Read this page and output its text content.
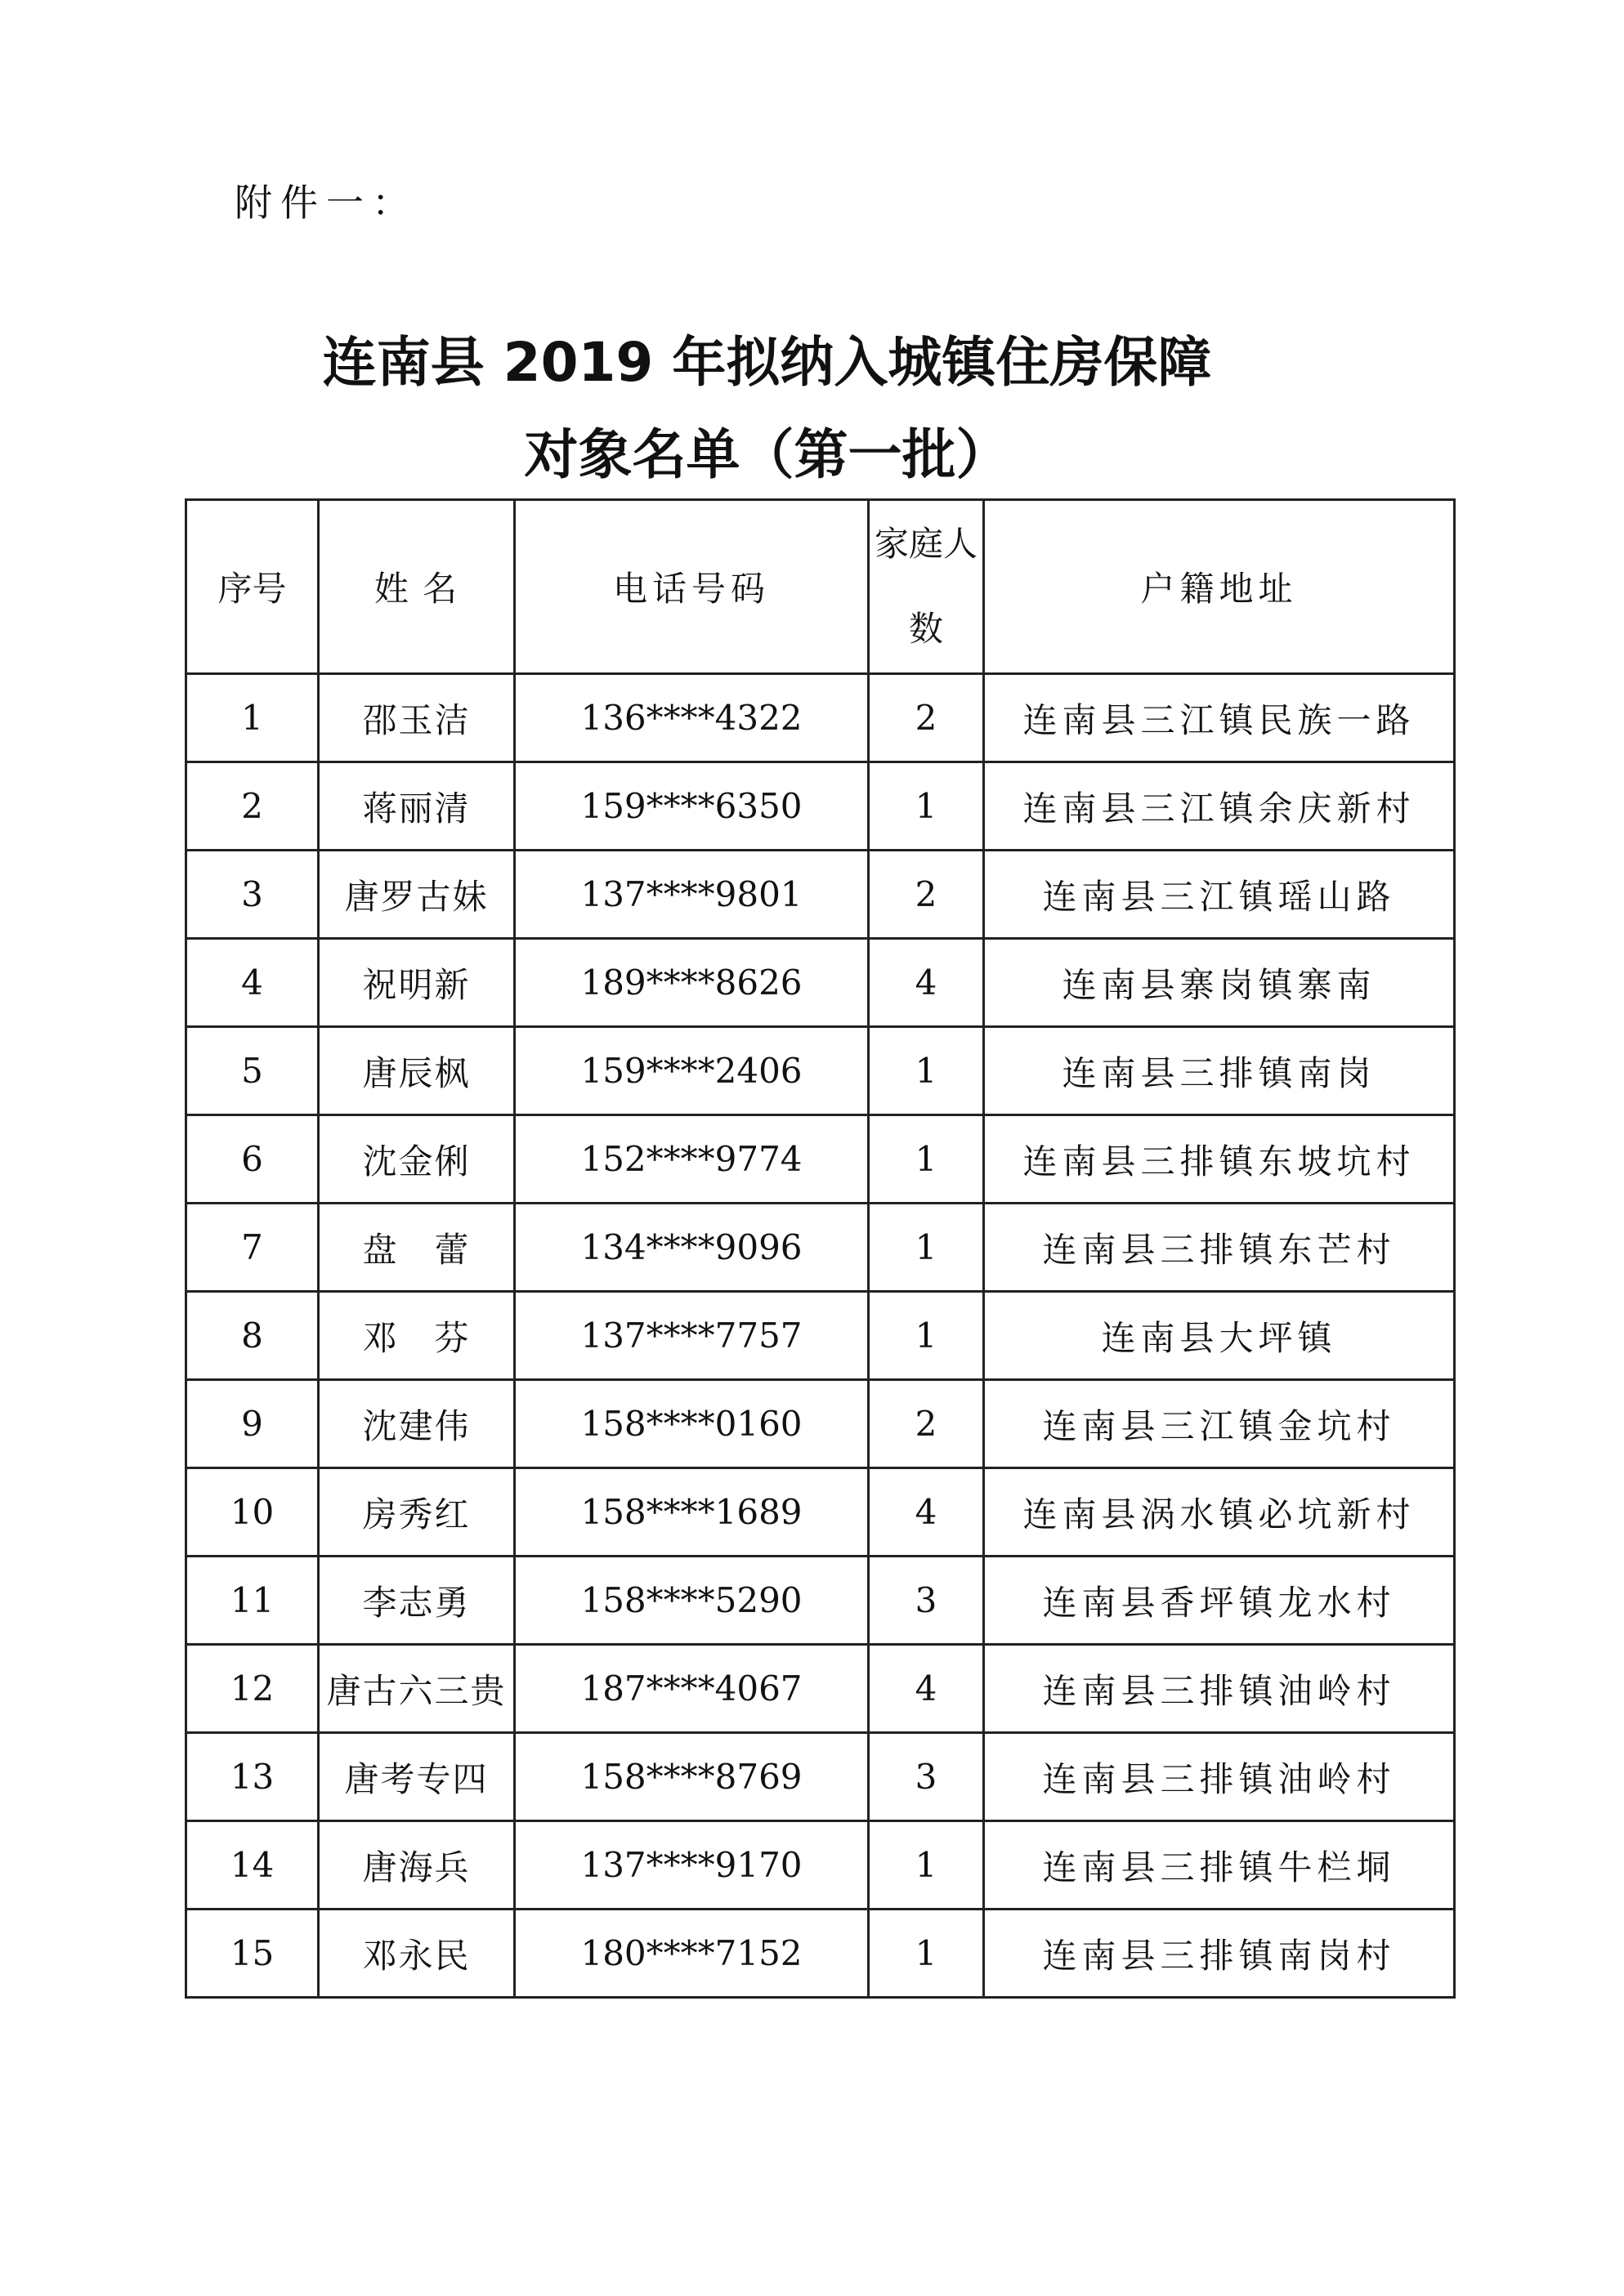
附件一：
连南县 2019 年拟纳入城镇住房保障
对象名单（第一批）
序号	姓 名	电话号码	家庭人数	户籍地址
1	邵玉洁	136****4322	2	连南县三江镇民族一路
2	蒋丽清	159****6350	1	连南县三江镇余庆新村
3	唐罗古妹	137****9801	2	连南县三江镇瑶山路
4	祝明新	189****8626	4	连南县寨岗镇寨南
5	唐辰枫	159****2406	1	连南县三排镇南岗
6	沈金俐	152****9774	1	连南县三排镇东坡坑村
7	盘　蕾	134****9096	1	连南县三排镇东芒村
8	邓　芬	137****7757	1	连南县大坪镇
9	沈建伟	158****0160	2	连南县三江镇金坑村
10	房秀红	158****1689	4	连南县涡水镇必坑新村
11	李志勇	158****5290	3	连南县香坪镇龙水村
12	唐古六三贵	187****4067	4	连南县三排镇油岭村
13	唐考专四	158****8769	3	连南县三排镇油岭村
14	唐海兵	137****9170	1	连南县三排镇牛栏垌
15	邓永民	180****7152	1	连南县三排镇南岗村
